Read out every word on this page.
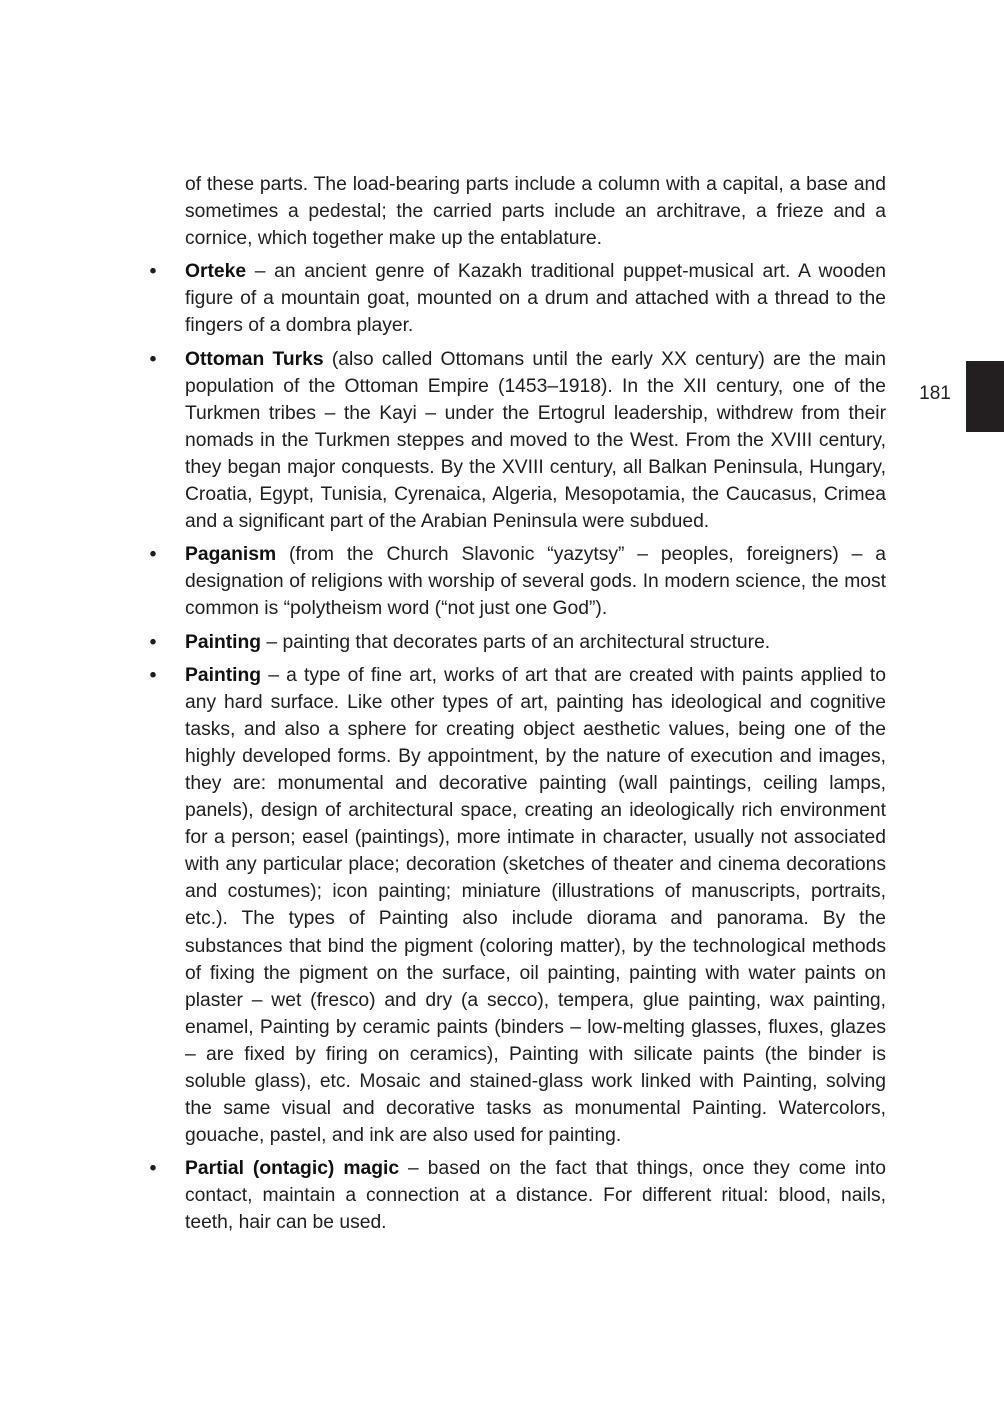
181

of these parts. The load-bearing parts include a column with a capital, a base and sometimes a pedestal; the carried parts include an architrave, a frieze and a cornice, which together make up the entablature.

• Orteke – an ancient genre of Kazakh traditional puppet-musical art. A wooden figure of a mountain goat, mounted on a drum and attached with a thread to the fingers of a dombra player.

• Ottoman Turks (also called Ottomans until the early XX century) are the main population of the Ottoman Empire (1453–1918). In the XII century, one of the Turkmen tribes – the Kayi – under the Ertogrul leadership, withdrew from their nomads in the Turkmen steppes and moved to the West. From the XVIII century, they began major conquests. By the XVIII century, all Balkan Peninsula, Hungary, Croatia, Egypt, Tunisia, Cyrenaica, Algeria, Mesopotamia, the Caucasus, Crimea and a significant part of the Arabian Peninsula were subdued.

• Paganism (from the Church Slavonic “yazytsy” – peoples, foreigners) – a designation of religions with worship of several gods. In modern science, the most common is “polytheism word (“not just one God”).

• Painting – painting that decorates parts of an architectural structure.

• Painting – a type of fine art, works of art that are created with paints applied to any hard surface. Like other types of art, painting has ideological and cognitive tasks, and also a sphere for creating object aesthetic values, being one of the highly developed forms. By appointment, by the nature of execution and images, they are: monumental and decorative painting (wall paintings, ceiling lamps, panels), design of architectural space, creating an ideologically rich environment for a person; easel (paintings), more intimate in character, usually not associated with any particular place; decoration (sketches of theater and cinema decorations and costumes); icon painting; miniature (illustrations of manuscripts, portraits, etc.). The types of Painting also include diorama and panorama. By the substances that bind the pigment (coloring matter), by the technological methods of fixing the pigment on the surface, oil painting, painting with water paints on plaster – wet (fresco) and dry (a secco), tempera, glue painting, wax painting, enamel, Painting by ceramic paints (binders – low-melting glasses, fluxes, glazes – are fixed by firing on ceramics), Painting with silicate paints (the binder is soluble glass), etc. Mosaic and stained-glass work linked with Painting, solving the same visual and decorative tasks as monumental Painting. Watercolors, gouache, pastel, and ink are also used for painting.

• Partial (ontagic) magic – based on the fact that things, once they come into contact, maintain a connection at a distance. For different ritual: blood, nails, teeth, hair can be used.
